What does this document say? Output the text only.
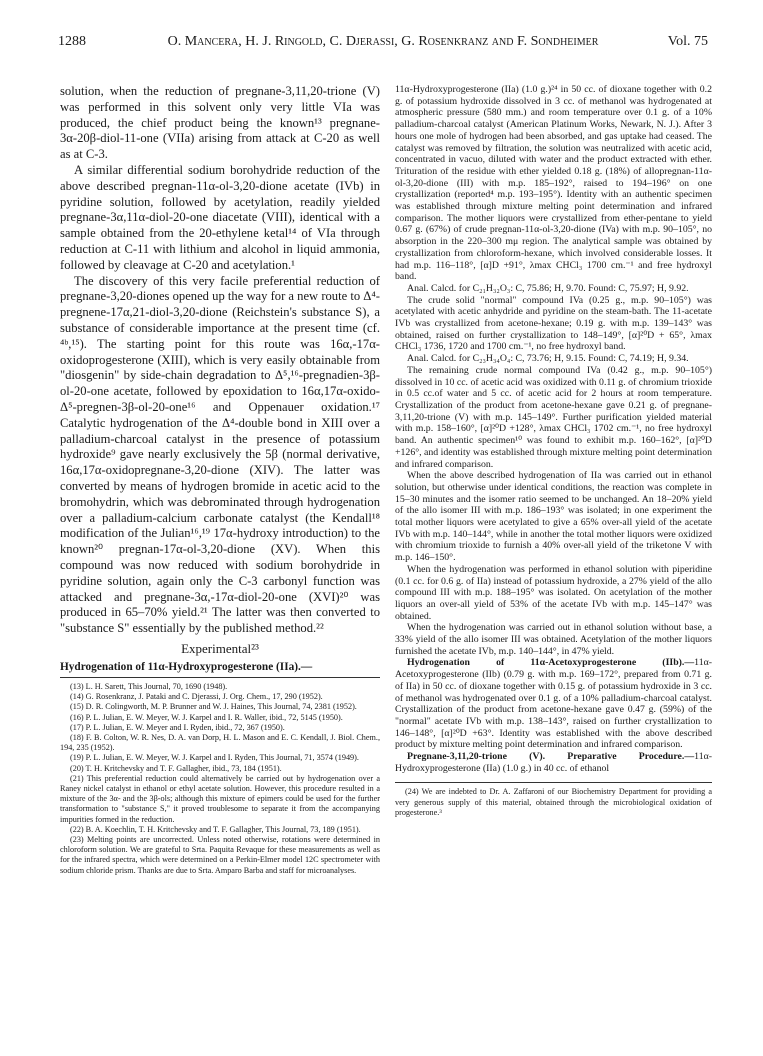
1288	O. Mancera, H. J. Ringold, C. Djerassi, G. Rosenkranz and F. Sondheimer	Vol. 75

solution, when the reduction of pregnane-3,11,20-trione (V) was performed in this solvent only very little VIa was produced, the chief product being the known¹³ pregnane-3α-20β-diol-11-one (VIIa) arising from attack at C-20 as well as at C-3.

A similar differential sodium borohydride reduction of the above described pregnan-11α-ol-3,20-dione acetate (IVb) in pyridine solution, followed by acetylation, readily yielded pregnane-3α,11α-diol-20-one diacetate (VIII), identical with a sample obtained from the 20-ethylene ketal¹⁴ of VIa through reduction at C-11 with lithium and alcohol in liquid ammonia, followed by cleavage at C-20 and acetylation.¹

The discovery of this very facile preferential reduction of pregnane-3,20-diones opened up the way for a new route to Δ⁴-pregnene-17α,21-diol-3,20-dione (Reichstein's substance S), a substance of considerable importance at the present time (cf. ⁴ᵇ,¹⁵). The starting point for this route was 16α,-17α-oxidoprogesterone (XIII), which is very easily obtainable from "diosgenin" by side-chain degradation to Δ⁵,¹⁶-pregnadien-3β-ol-20-one acetate, followed by epoxidation to 16α,17α-oxido-Δ⁵-pregnen-3β-ol-20-one¹⁶ and Oppenauer oxidation.¹⁷ Catalytic hydrogenation of the Δ⁴-double bond in XIII over a palladium-charcoal catalyst in the presence of potassium hydroxide⁹ gave nearly exclusively the 5β (normal derivative, 16α,17α-oxidopregnane-3,20-dione (XIV). The latter was converted by means of hydrogen bromide in acetic acid to the bromohydrin, which was debrominated through hydrogenation over a palladium-calcium carbonate catalyst (the Kendall¹⁸ modification of the Julian¹⁶,¹⁹ 17α-hydroxy introduction) to the known²⁰ pregnan-17α-ol-3,20-dione (XV). When this compound was now reduced with sodium borohydride in pyridine solution, again only the C-3 carbonyl function was attacked and pregnane-3α,-17α-diol-20-one (XVI)²⁰ was produced in 65–70% yield.²¹ The latter was then converted to "substance S" essentially by the published method.²²

Experimental²³
Hydrogenation of 11α-Hydroxyprogesterone (IIa).—

(13) L. H. Sarett, This Journal, 70, 1690 (1948).

(14) G. Rosenkranz, J. Pataki and C. Djerassi, J. Org. Chem., 17, 290 (1952).

(15) D. R. Colingworth, M. P. Brunner and W. J. Haines, This Journal, 74, 2381 (1952).

(16) P. L. Julian, E. W. Meyer, W. J. Karpel and I. R. Waller, ibid., 72, 5145 (1950).

(17) P. L. Julian, E. W. Meyer and I. Ryden, ibid., 72, 367 (1950).

(18) F. B. Colton, W. R. Nes, D. A. van Dorp, H. L. Mason and E. C. Kendall, J. Biol. Chem., 194, 235 (1952).

(19) P. L. Julian, E. W. Meyer, W. J. Karpel and I. Ryden, This Journal, 71, 3574 (1949).

(20) T. H. Kritchevsky and T. F. Gallagher, ibid., 73, 184 (1951).

(21) This preferential reduction could alternatively be carried out by hydrogenation over a Raney nickel catalyst in ethanol or ethyl acetate solution. However, this procedure resulted in a mixture of the 3α- and the 3β-ols; although this mixture of epimers could be used for the further transformation to "substance S," it proved troublesome to separate it from the accompanying impurities formed in the reduction.

(22) B. A. Koechlin, T. H. Kritchevsky and T. F. Gallagher, This Journal, 73, 189 (1951).

(23) Melting points are uncorrected. Unless noted otherwise, rotations were determined in chloroform solution. We are grateful to Srta. Paquita Revaque for these measurements as well as for the infrared spectra, which were determined on a Perkin-Elmer model 12C spectrometer with sodium chloride prism. Thanks are due to Srta. Amparo Barba and staff for microanalyses.

11α-Hydroxyprogesterone (IIa) (1.0 g.)²⁴ in 50 cc. of dioxane together with 0.2 g. of potassium hydroxide dissolved in 3 cc. of methanol was hydrogenated at atmospheric pressure (580 mm.) and room temperature over 0.1 g. of a 10% palladium-charcoal catalyst (American Platinum Works, Newark, N. J.). After 3 hours one mole of hydrogen had been absorbed, and gas uptake had ceased. The catalyst was removed by filtration, the solution was neutralized with acetic acid, concentrated in vacuo, diluted with water and the product extracted with ether. Trituration of the residue with ether yielded 0.18 g. (18%) of allopregnan-11α-ol-3,20-dione (III) with m.p. 185–192°, raised to 194–196° on one crystallization (reported⁴ m.p. 193–195°). Identity with an authentic specimen was established through mixture melting point determination and infrared comparison. The mother liquors were crystallized from ether-pentane to yield 0.67 g. (67%) of crude pregnan-11α-ol-3,20-dione (IVa) with m.p. 90–105°, no absorption in the 220–300 mμ region. The analytical sample was obtained by crystallization from chloroform-hexane, which involved considerable losses. It had m.p. 116–118°, [α]D +91°, λmax CHCl₃ 1700 cm.⁻¹ and free hydroxyl band.

Anal. Calcd. for C₂₁H₃₂O₃: C, 75.86; H, 9.70. Found: C, 75.97; H, 9.92.

The crude solid "normal" compound IVa (0.25 g., m.p. 90–105°) was acetylated with acetic anhydride and pyridine on the steam-bath. The 11-acetate IVb was crystallized from acetone-hexane; 0.19 g. with m.p. 139–143° was obtained, raised on further crystallization to 148–149°, [α]²⁰D + 65°, λmax CHCl₃ 1736, 1720 and 1700 cm.⁻¹, no free hydroxyl band.

Anal. Calcd. for C₂₃H₃₄O₄: C, 73.76; H, 9.15. Found: C, 74.19; H, 9.34.

The remaining crude normal compound IVa (0.42 g., m.p. 90–105°) dissolved in 10 cc. of acetic acid was oxidized with 0.11 g. of chromium trioxide in 0.5 cc.of water and 5 cc. of acetic acid for 2 hours at room temperature. Crystallization of the product from acetone-hexane gave 0.21 g. of pregnane-3,11,20-trione (V) with m.p. 145–149°. Further purification yielded material with m.p. 158–160°, [α]²⁰D +128°, λmax CHCl₃ 1702 cm.⁻¹, no free hydroxyl band. An authentic specimen¹⁰ was found to exhibit m.p. 160–162°, [α]²⁰D +126°, and identity was established through mixture melting point determination and infrared comparison.

When the above described hydrogenation of IIa was carried out in ethanol solution, but otherwise under identical conditions, the reaction was complete in 15–30 minutes and the isomer ratio seemed to be unchanged. An 18–20% yield of the allo isomer III with m.p. 186–193° was isolated; in one experiment the total mother liquors were acetylated to give a 65% over-all yield of the acetate IVb with m.p. 140–144°, while in another the total mother liquors were oxidized with chromium trioxide to furnish a 40% over-all yield of the triketone V with m.p. 146–150°.

When the hydrogenation was performed in ethanol solution with piperidine (0.1 cc. for 0.6 g. of IIa) instead of potassium hydroxide, a 27% yield of the allo compound III with m.p. 188–195° was isolated. On acetylation of the mother liquors an over-all yield of 53% of the acetate IVb with m.p. 145–147° was obtained.

When the hydrogenation was carried out in ethanol solution without base, a 33% yield of the allo isomer III was obtained. Acetylation of the mother liquors furnished the acetate IVb, m.p. 140–144°, in 47% yield.

Hydrogenation of 11α-Acetoxyprogesterone (IIb).—11α-Acetoxyprogesterone (IIb) (0.79 g. with m.p. 169–172°, prepared from 0.71 g. of IIa) in 50 cc. of dioxane together with 0.15 g. of potassium hydroxide in 3 cc. of methanol was hydrogenated over 0.1 g. of a 10% palladium-charcoal catalyst. Crystallization of the product from acetone-hexane gave 0.47 g. (59%) of the "normal" acetate IVb with m.p. 138–143°, raised on further crystallization to 146–148°, [α]²⁰D +63°. Identity was established with the above described product by mixture melting point determination and infrared comparison.

Pregnane-3,11,20-trione (V). Preparative Procedure.—11α-Hydroxyprogesterone (IIa) (1.0 g.) in 40 cc. of ethanol

(24) We are indebted to Dr. A. Zaffaroni of our Biochemistry Department for providing a very generous supply of this material, obtained through the microbiological oxidation of progesterone.³
